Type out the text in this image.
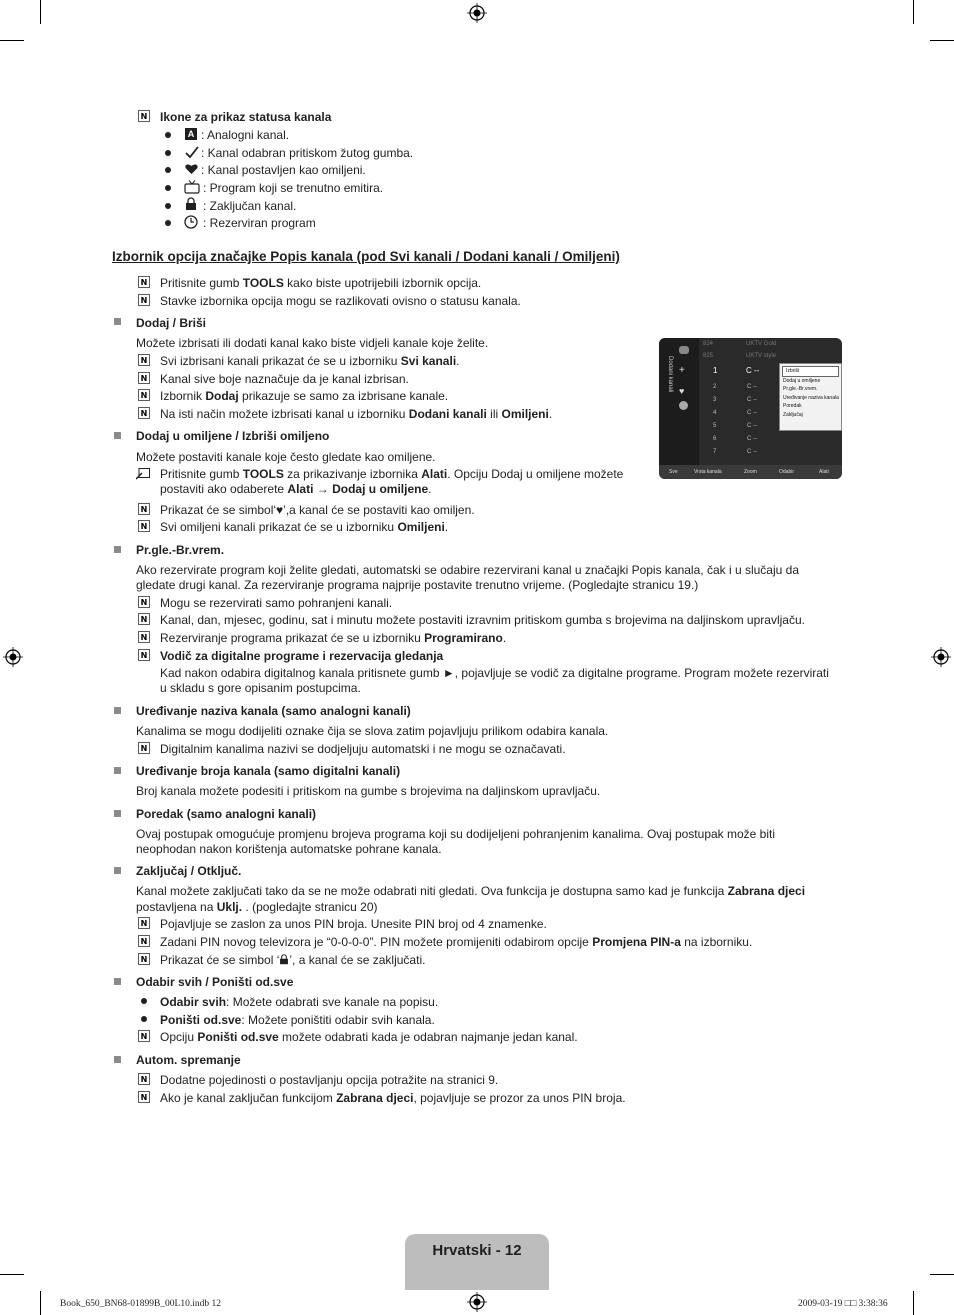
N Ikone za prikaz statusa kanala
A : Analogni kanal.
: Kanal odabran pritiskom žutog gumba.
: Kanal postavljen kao omiljeni.
: Program koji se trenutno emitira.
: Zaključan kanal.
: Rezerviran program
Izbornik opcija značajke Popis kanala (pod Svi kanali / Dodani kanali / Omiljeni)
N Pritisnite gumb TOOLS kako biste upotrijebili izbornik opcija.
N Stavke izbornika opcija mogu se razlikovati ovisno o statusu kanala.
Dodaj / Briši
Možete izbrisati ili dodati kanal kako biste vidjeli kanale koje želite.
N Svi izbrisani kanali prikazat će se u izborniku Svi kanali.
N Kanal sive boje naznačuje da je kanal izbrisan.
N Izbornik Dodaj prikazuje se samo za izbrisane kanale.
N Na isti način možete izbrisati kanal u izborniku Dodani kanali ili Omiljeni.
Dodani kanali +
♥
824	UKTV Gold
825	UKTV style
1	C --
2	C --
3	C --
4	C --
5	C --
6	C --
7	C --
Izbriši
Dodaj u omiljene
Pr.gle.-Br.vrem.
Uređivanje naziva kanala
Poredak
Zaključaj
Sve	Vrsta kanala	Zoom	Odabir	Alati
Dodaj u omiljene / Izbriši omiljeno
Možete postaviti kanale koje često gledate kao omiljene.
Pritisnite gumb TOOLS za prikazivanje izbornika Alati. Opciju Dodaj u omiljene možete
postaviti ako odaberete Alati → Dodaj u omiljene.
N Prikazat će se simbol‘♥’,a kanal će se postaviti kao omiljen.
N Svi omiljeni kanali prikazat će se u izborniku Omiljeni.
Pr.gle.-Br.vrem.
Ako rezervirate program koji želite gledati, automatski se odabire rezervirani kanal u značajki Popis kanala, čak i u slučaju da
gledate drugi kanal. Za rezerviranje programa najprije postavite trenutno vrijeme. (Pogledajte stranicu 19.)
N Mogu se rezervirati samo pohranjeni kanali.
N Kanal, dan, mjesec, godinu, sat i minutu možete postaviti izravnim pritiskom gumba s brojevima na daljinskom upravljaču.
N Rezerviranje programa prikazat će se u izborniku Programirano.
N Vodič za digitalne programe i rezervacija gledanja
Kad nakon odabira digitalnog kanala pritisnete gumb ►, pojavljuje se vodič za digitalne programe. Program možete rezervirati
u skladu s gore opisanim postupcima.
Uređivanje naziva kanala (samo analogni kanali)
Kanalima se mogu dodijeliti oznake čija se slova zatim pojavljuju prilikom odabira kanala.
N Digitalnim kanalima nazivi se dodjeljuju automatski i ne mogu se označavati.
Uređivanje broja kanala (samo digitalni kanali)
Broj kanala možete podesiti i pritiskom na gumbe s brojevima na daljinskom upravljaču.
Poredak (samo analogni kanali)
Ovaj postupak omogućuje promjenu brojeva programa koji su dodijeljeni pohranjenim kanalima. Ovaj postupak može biti
neophodan nakon korištenja automatske pohrane kanala.
Zaključaj / Otključ.
Kanal možete zaključati tako da se ne može odabrati niti gledati. Ova funkcija je dostupna samo kad je funkcija Zabrana djeci
postavljena na Uklj. . (pogledajte stranicu 20)
N Pojavljuje se zaslon za unos PIN broja. Unesite PIN broj od 4 znamenke.
N Zadani PIN novog televizora je “0-0-0-0”. PIN možete promijeniti odabirom opcije Promjena PIN-a na izborniku.
N Prikazat će se simbol ‘ ’, a kanal će se zaključati.
Odabir svih / Poništi od.sve
Odabir svih: Možete odabrati sve kanale na popisu.
Poništi od.sve: Možete poništiti odabir svih kanala.
N Opciju Poništi od.sve možete odabrati kada je odabran najmanje jedan kanal.
Autom. spremanje
N Dodatne pojedinosti o postavljanju opcija potražite na stranici 9.
N Ako je kanal zaključan funkcijom Zabrana djeci, pojavljuje se prozor za unos PIN broja.
Hrvatski - 12
Book_650_BN68-01899B_00L10.indb 12	2009-03-19 □□ 3:38:36
